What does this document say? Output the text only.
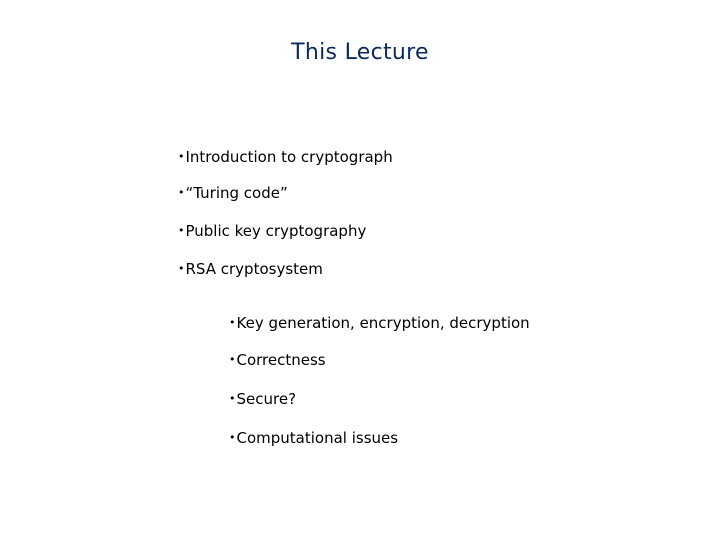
This Lecture
•Introduction to cryptograph
•“Turing code”
•Public key cryptography
•RSA cryptosystem
•Key generation, encryption, decryption
•Correctness
•Secure?
•Computational issues
